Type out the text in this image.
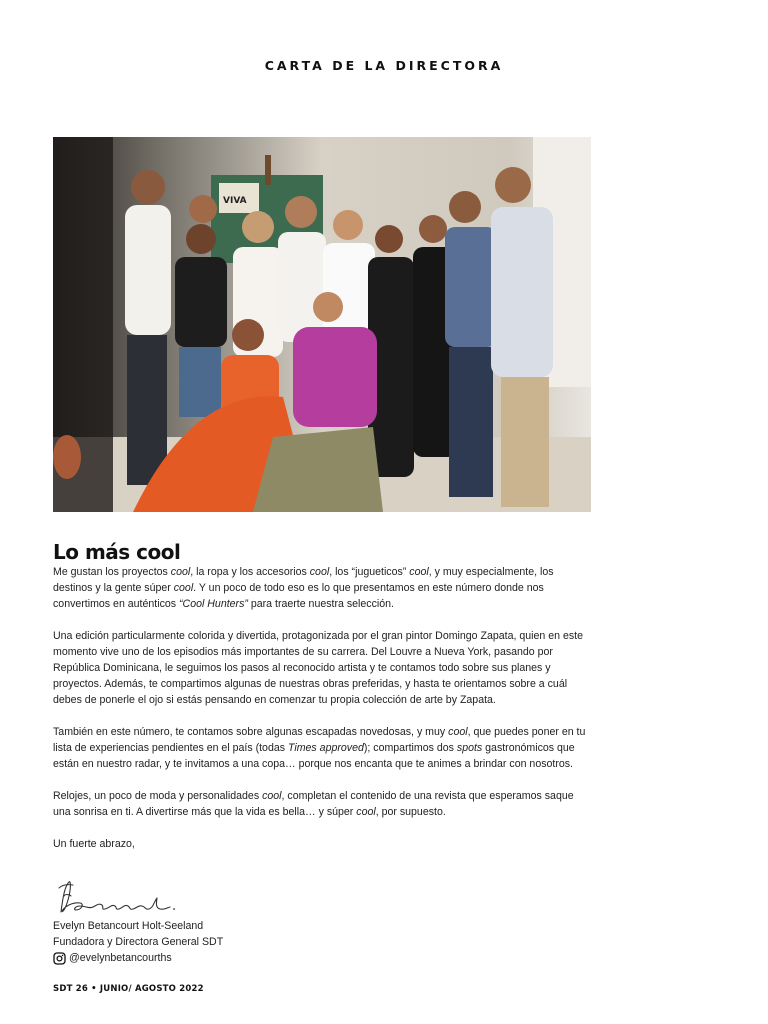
CARTA DE LA DIRECTORA
VIVA
Lo más cool

Me gustan los proyectos cool, la ropa y los accesorios cool, los “jugueticos” cool, y muy especialmente, los destinos y la gente súper cool. Y un poco de todo eso es lo que presentamos en este número donde nos convertimos en auténticos “Cool Hunters” para traerte nuestra selección.

Una edición particularmente colorida y divertida, protagonizada por el gran pintor Domingo Zapata, quien en este momento vive uno de los episodios más importantes de su carrera. Del Louvre a Nueva York, pasando por República Dominicana, le seguimos los pasos al reconocido artista y te contamos todo sobre sus planes y proyectos. Además, te compartimos algunas de nuestras obras preferidas, y hasta te orientamos sobre a cuál debes de ponerle el ojo si estás pensando en comenzar tu propia colección de arte by Zapata.

También en este número, te contamos sobre algunas escapadas novedosas, y muy cool, que puedes poner en tu lista de experiencias pendientes en el país (todas Times approved); compartimos dos spots gastronómicos que están en nuestro radar, y te invitamos a una copa… porque nos encanta que te animes a brindar con nosotros.

Relojes, un poco de moda y personalidades cool, completan el contenido de una revista que esperamos saque una sonrisa en ti. A divertirse más que la vida es bella… y súper cool, por supuesto.

Un fuerte abrazo,

Evelyn Betancourt Holt-Seeland
Fundadora y Directora General SDT
@evelynbetancourths
SDT 26 • JUNIO/ AGOSTO 2022
